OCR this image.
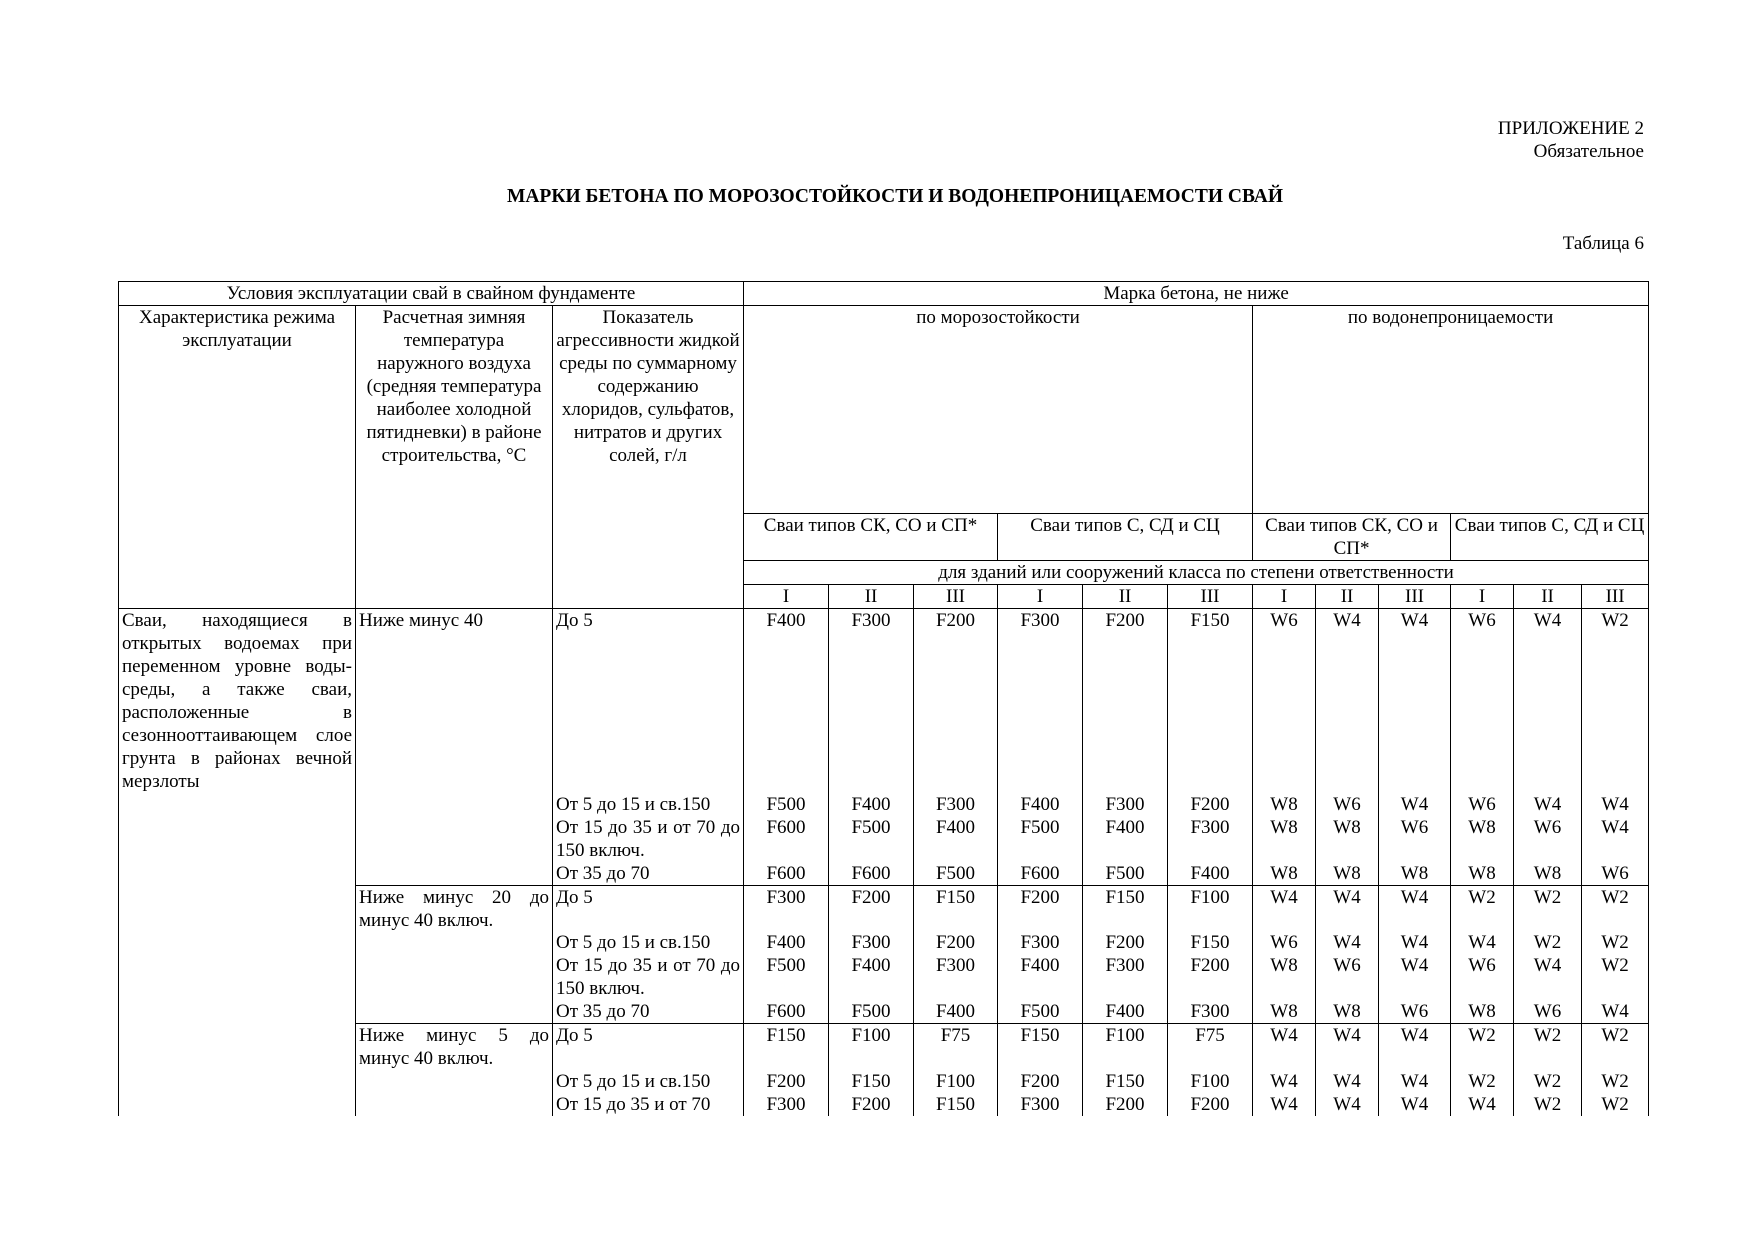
ПРИЛОЖЕНИЕ 2
Обязательное
МАРКИ БЕТОНА ПО МОРОЗОСТОЙКОСТИ И ВОДОНЕПРОНИЦАЕМОСТИ СВАЙ
Таблица 6
Условия эксплуатации свай в свайном фундаменте			Марка бетона, не ниже											
Характеристика режима эксплуатации	Расчетная зимняя температура наружного воздуха (средняя температура наиболее холодной пятидневки) в районе строительства, °С	Показатель агрессивности жидкой среды по суммарному содержанию хлоридов, сульфатов, нитратов и других солей, г/л	по морозостойкости						по водонепроницаемости					
			Сваи типов СК, СО и СП*			Сваи типов С, СД и СЦ			Сваи типов СК, СО и СП*			Сваи типов С, СД и СЦ		
			для зданий или сооружений класса по степени ответственности											
			I	II	III	I	II	III	I	II	III	I	II	III
Сваи, находящиеся в открытых водоемах при переменном уровне воды-среды, а также сваи, расположенные в сезоннооттаивающем слое грунта в районах вечной мерзлоты	Ниже минус 40	До 5	F400	F300	F200	F300	F200	F150	W6	W4	W4	W6	W4	W2
		От 5 до 15 и св.150	F500	F400	F300	F400	F300	F200	W8	W6	W4	W6	W4	W4
		От 15 до 35 и от 70 до 150 включ.	F600	F500	F400	F500	F400	F300	W8	W8	W6	W8	W6	W4
		От 35 до 70	F600	F600	F500	F600	F500	F400	W8	W8	W8	W8	W8	W6
	Ниже минус 20 до минус 40 включ.	До 5	F300	F200	F150	F200	F150	F100	W4	W4	W4	W2	W2	W2
		От 5 до 15 и св.150	F400	F300	F200	F300	F200	F150	W6	W4	W4	W4	W2	W2
		От 15 до 35 и от 70 до 150 включ.	F500	F400	F300	F400	F300	F200	W8	W6	W4	W6	W4	W2
		От 35 до 70	F600	F500	F400	F500	F400	F300	W8	W8	W6	W8	W6	W4
	Ниже минус 5 до минус 40 включ.	До 5	F150	F100	F75	F150	F100	F75	W4	W4	W4	W2	W2	W2
		От 5 до 15 и св.150	F200	F150	F100	F200	F150	F100	W4	W4	W4	W2	W2	W2
		От 15 до 35 и от 70	F300	F200	F150	F300	F200	F200	W4	W4	W4	W4	W2	W2
